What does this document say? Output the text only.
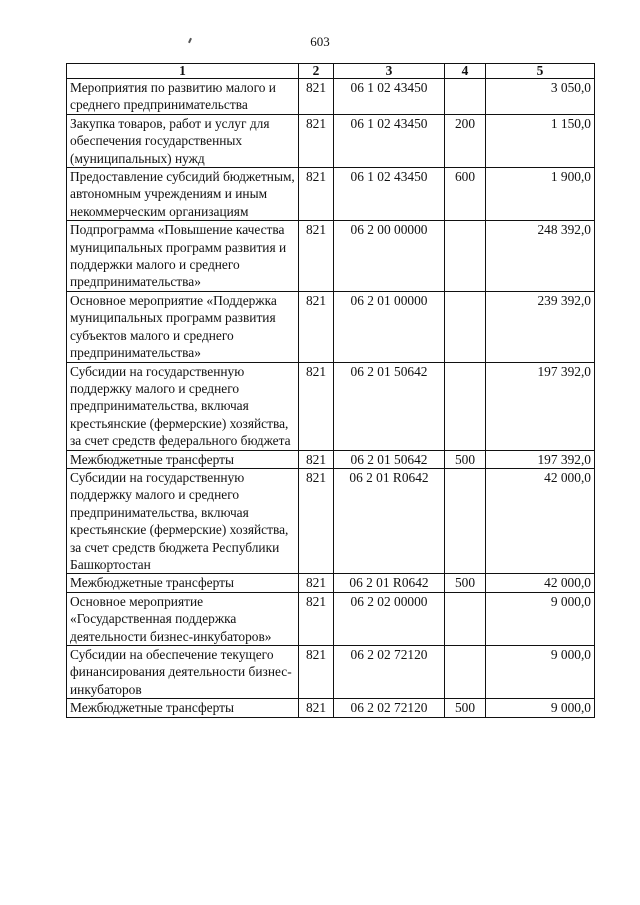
603
1	2	3	4	5
Мероприятия по развитию малого и среднего предпринимательства	821	06 1 02 43450		3 050,0
Закупка товаров, работ и услуг для обеспечения государственных (муниципальных) нужд	821	06 1 02 43450	200	1 150,0
Предоставление субсидий бюджетным, автономным учреждениям и иным некоммерческим организациям	821	06 1 02 43450	600	1 900,0
Подпрограмма «Повышение качества муниципальных программ развития и поддержки малого и среднего предпринимательства»	821	06 2 00 00000		248 392,0
Основное мероприятие «Поддержка муниципальных программ развития субъектов малого и среднего предпринимательства»	821	06 2 01 00000		239 392,0
Субсидии на государственную поддержку малого и среднего предпринимательства, включая крестьянские (фермерские) хозяйства, за счет средств федерального бюджета	821	06 2 01 50642		197 392,0
Межбюджетные трансферты	821	06 2 01 50642	500	197 392,0
Субсидии на государственную поддержку малого и среднего предпринимательства, включая крестьянские (фермерские) хозяйства, за счет средств бюджета Республики Башкортостан	821	06 2 01 R0642		42 000,0
Межбюджетные трансферты	821	06 2 01 R0642	500	42 000,0
Основное мероприятие «Государственная поддержка деятельности бизнес-инкубаторов»	821	06 2 02 00000		9 000,0
Субсидии на обеспечение текущего финансирования деятельности бизнес-инкубаторов	821	06 2 02 72120		9 000,0
Межбюджетные трансферты	821	06 2 02 72120	500	9 000,0
